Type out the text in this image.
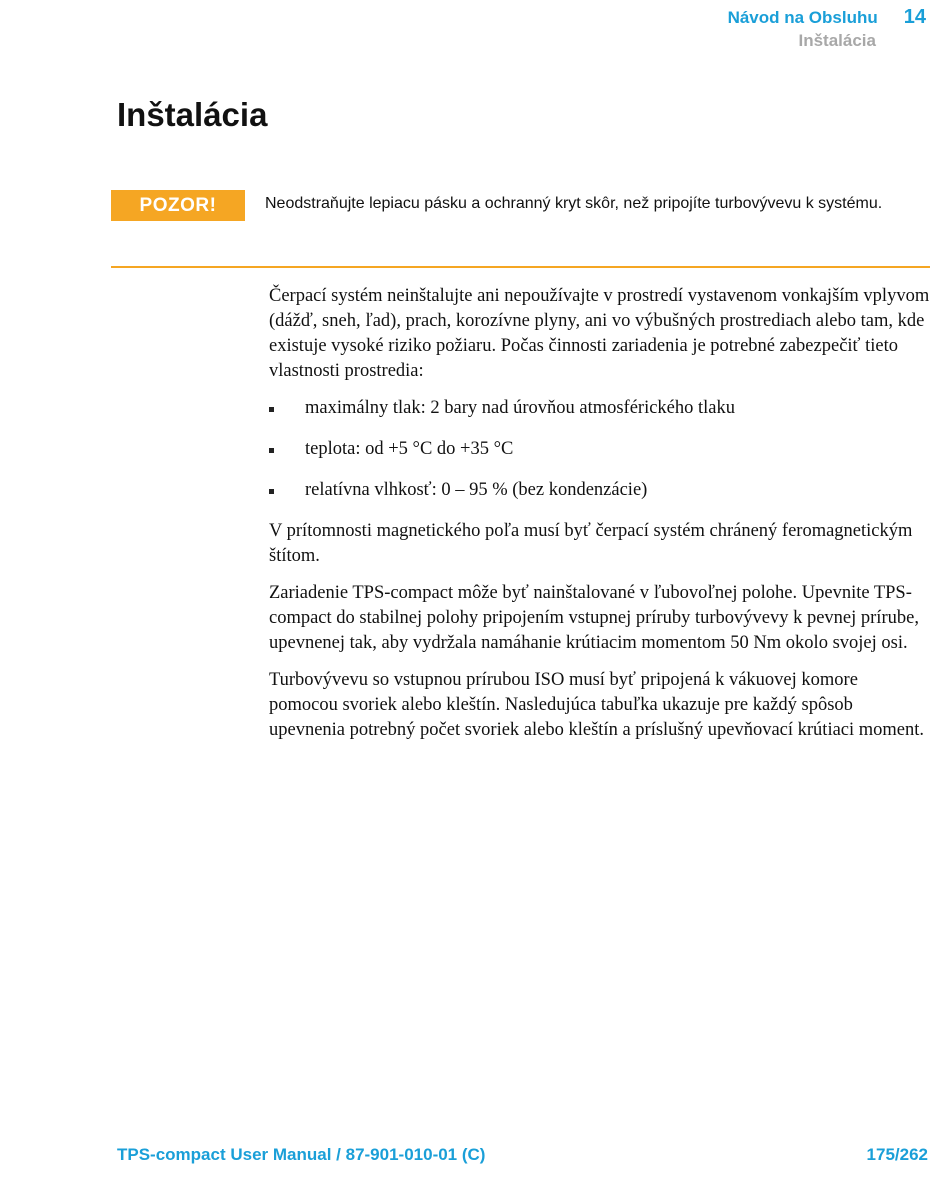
Návod na Obsluhu 14
Inštalácia
Inštalácia
POZOR!	Neodstraňujte lepiacu pásku a ochranný kryt skôr, než pripojíte turbovývevu k systému.

Čerpací systém neinštalujte ani nepoužívajte v prostredí vystavenom vonkajším vplyvom (dážď, sneh, ľad), prach, korozívne plyny, ani vo výbušných prostrediach alebo tam, kde existuje vysoké riziko požiaru. Počas činnosti zariadenia je potrebné zabezpečiť tieto vlastnosti prostredia:

maximálny tlak: 2 bary nad úrovňou atmosférického tlaku
teplota: od +5 °C do +35 °C
relatívna vlhkosť: 0 – 95 % (bez kondenzácie)

V prítomnosti magnetického poľa musí byť čerpací systém chránený feromagnetickým štítom.

Zariadenie TPS-compact môže byť nainštalované v ľubovoľnej polohe. Upevnite TPS-compact do stabilnej polohy pripojením vstupnej príruby turbovývevy k pevnej prírube, upevnenej tak, aby vydržala namáhanie krútiacim momentom 50 Nm okolo svojej osi.

Turbovývevu so vstupnou prírubou ISO musí byť pripojená k vákuovej komore pomocou svoriek alebo kleštín. Nasledujúca tabuľka ukazuje pre každý spôsob upevnenia potrebný počet svoriek alebo kleštín a príslušný upevňovací krútiaci moment.

TPS-compact User Manual / 87-901-010-01 (C)	175/262
